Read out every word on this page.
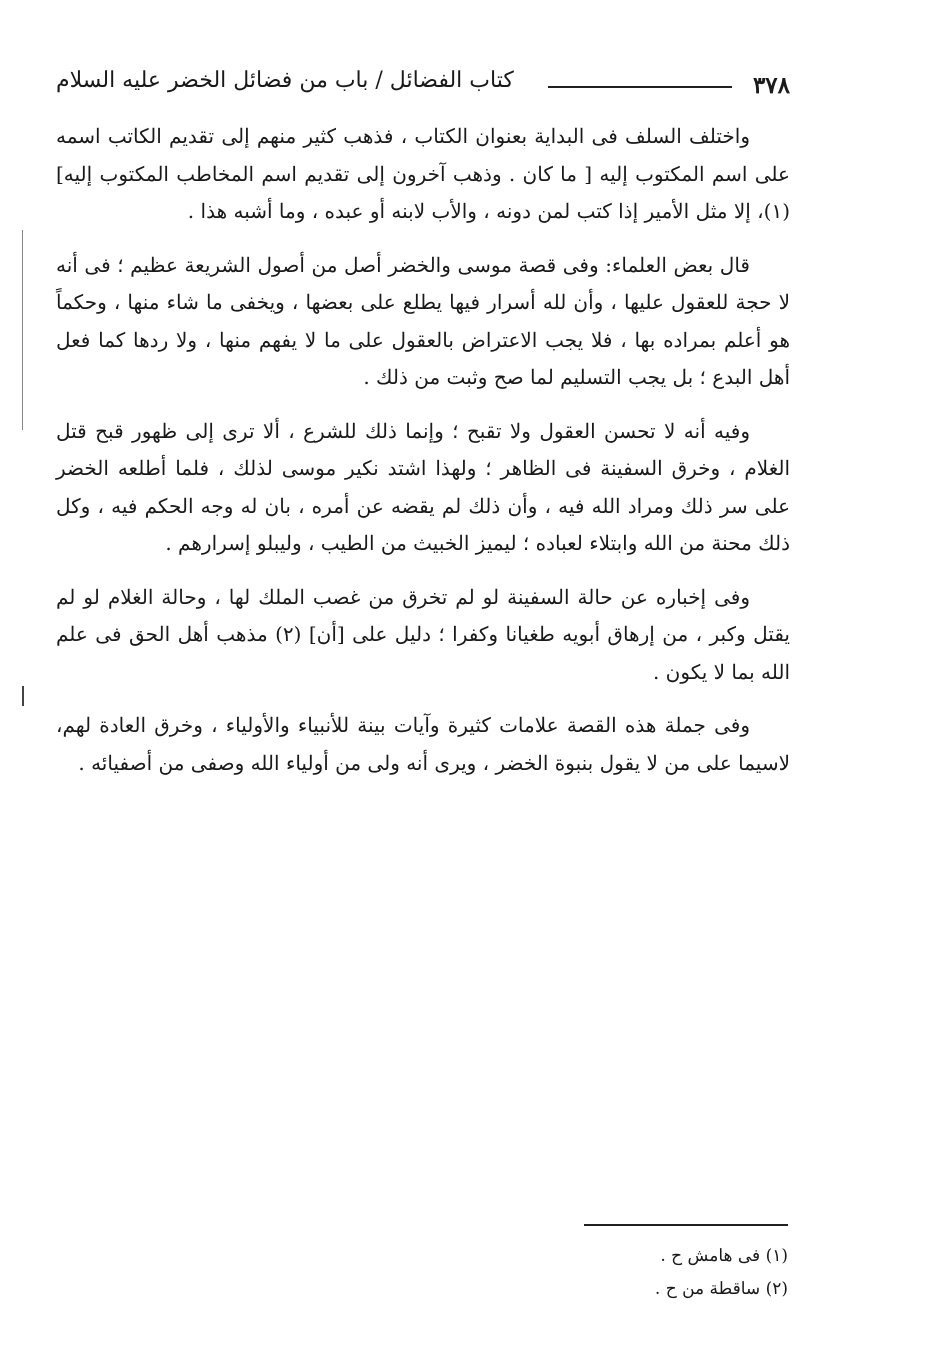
٣٧٨
كتاب الفضائل / باب من فضائل الخضر عليه السلام

واختلف السلف فى البداية بعنوان الكتاب ، فذهب كثير منهم إلى تقديم الكاتب اسمه على اسم المكتوب إليه [ ما كان . وذهب آخرون إلى تقديم اسم المخاطب المكتوب إليه](١)، إلا مثل الأمير إذا كتب لمن دونه ، والأب لابنه أو عبده ، وما أشبه هذا .

قال بعض العلماء: وفى قصة موسى والخضر أصل من أصول الشريعة عظيم ؛ فى أنه لا حجة للعقول عليها ، وأن لله أسرار فيها يطلع على بعضها ، ويخفى ما شاء منها ، وحكماً هو أعلم بمراده بها ، فلا يجب الاعتراض بالعقول على ما لا يفهم منها ، ولا ردها كما فعل أهل البدع ؛ بل يجب التسليم لما صح وثبت من ذلك .

وفيه أنه لا تحسن العقول ولا تقبح ؛ وإنما ذلك للشرع ، ألا ترى إلى ظهور قبح قتل الغلام ، وخرق السفينة فى الظاهر ؛ ولهذا اشتد نكير موسى لذلك ، فلما أطلعه الخضر على سر ذلك ومراد الله فيه ، وأن ذلك لم يقضه عن أمره ، بان له وجه الحكم فيه ، وكل ذلك محنة من الله وابتلاء لعباده ؛ ليميز الخبيث من الطيب ، وليبلو إسرارهم .

وفى إخباره عن حالة السفينة لو لم تخرق من غصب الملك لها ، وحالة الغلام لو لم يقتل وكبر ، من إرهاق أبويه طغيانا وكفرا ؛ دليل على [أن] (٢) مذهب أهل الحق فى علم الله بما لا يكون .

وفى جملة هذه القصة علامات كثيرة وآيات بينة للأنبياء والأولياء ، وخرق العادة لهم، لاسيما على من لا يقول بنبوة الخضر ، ويرى أنه ولى من أولياء الله وصفى من أصفيائه .

(١) فى هامش ح .
(٢) ساقطة من ح .
